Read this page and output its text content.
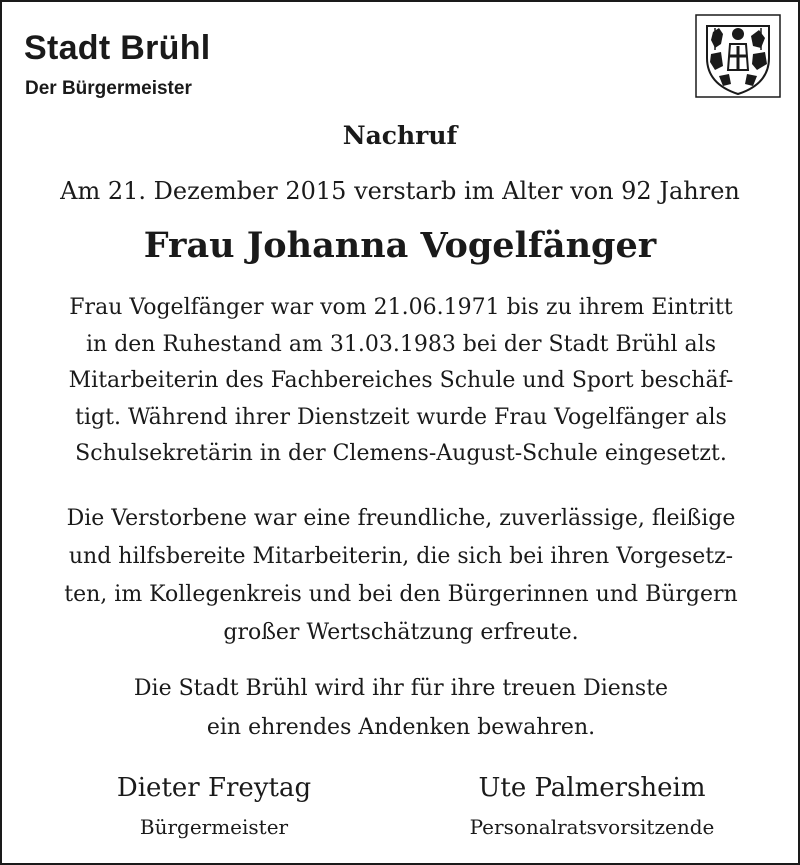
Stadt Brühl
Der Bürgermeister
Nachruf
Am 21. Dezember 2015 verstarb im Alter von 92 Jahren
Frau Johanna Vogelfänger
Frau Vogelfänger war vom 21.06.1971 bis zu ihrem Eintritt
in den Ruhestand am 31.03.1983 bei der Stadt Brühl als
Mitarbeiterin des Fachbereiches Schule und Sport beschäf-
tigt. Während ihrer Dienstzeit wurde Frau Vogelfänger als
Schulsekretärin in der Clemens-August-Schule eingesetzt.
Die Verstorbene war eine freundliche, zuverlässige, fleißige
und hilfsbereite Mitarbeiterin, die sich bei ihren Vorgesetz-
ten, im Kollegenkreis und bei den Bürgerinnen und Bürgern
großer Wertschätzung erfreute.
Die Stadt Brühl wird ihr für ihre treuen Dienste
ein ehrendes Andenken bewahren.
Dieter Freytag
Bürgermeister
Ute Palmersheim
Personalratsvorsitzende
